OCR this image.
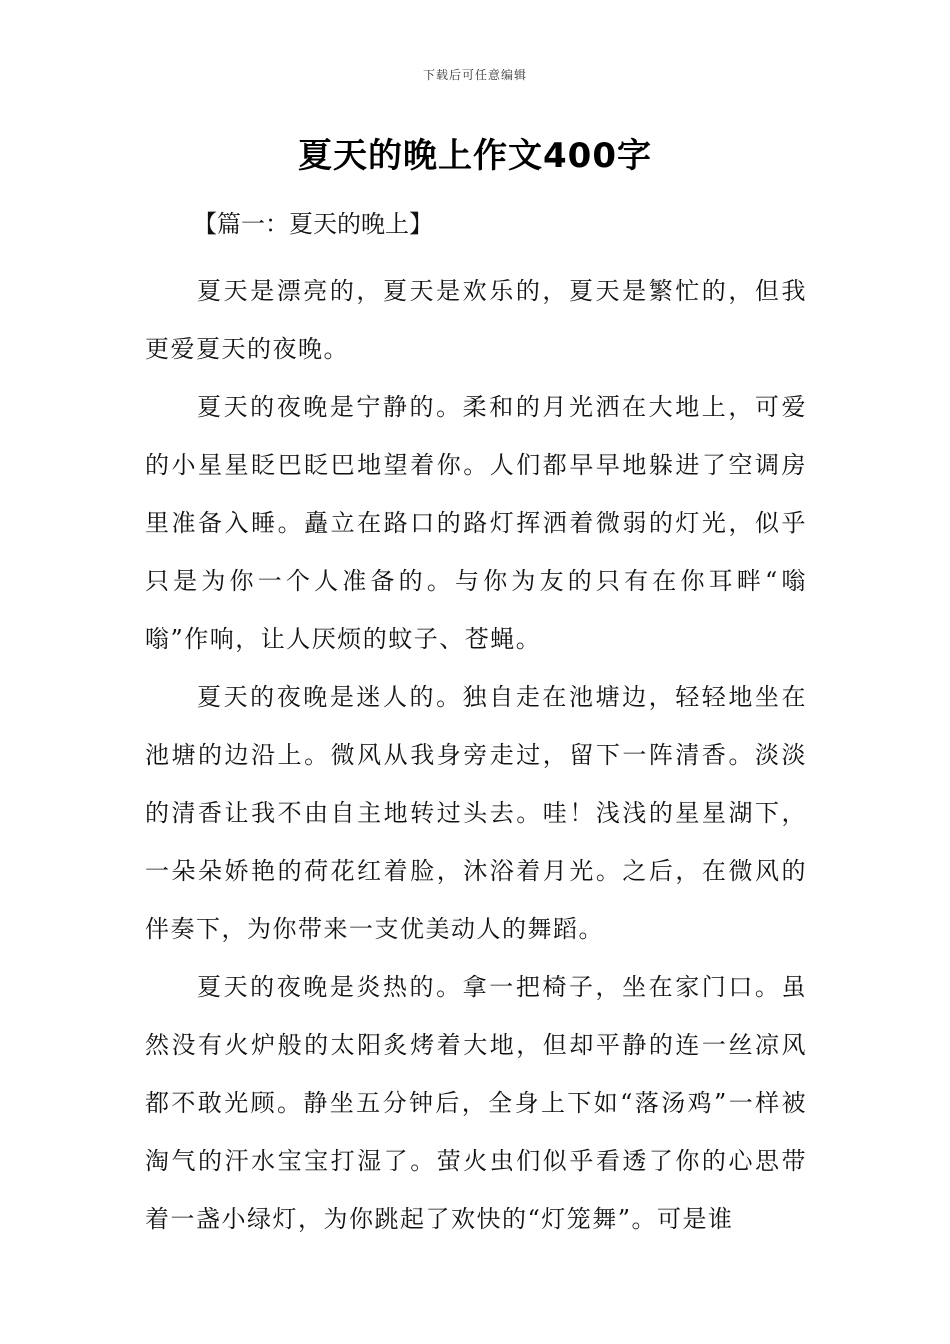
下载后可任意编辑
夏天的晚上作文400字
【篇一：夏天的晚上】

夏天是漂亮的，夏天是欢乐的，夏天是繁忙的，但我更爱夏天的夜晚。

夏天的夜晚是宁静的。柔和的月光洒在大地上，可爱的小星星眨巴眨巴地望着你。人们都早早地躲进了空调房里准备入睡。矗立在路口的路灯挥洒着微弱的灯光，似乎只是为你一个人准备的。与你为友的只有在你耳畔“嗡嗡”作响，让人厌烦的蚊子、苍蝇。

夏天的夜晚是迷人的。独自走在池塘边，轻轻地坐在池塘的边沿上。微风从我身旁走过，留下一阵清香。淡淡的清香让我不由自主地转过头去。哇！浅浅的星星湖下，一朵朵娇艳的荷花红着脸，沐浴着月光。之后，在微风的伴奏下，为你带来一支优美动人的舞蹈。

夏天的夜晚是炎热的。拿一把椅子，坐在家门口。虽然没有火炉般的太阳炙烤着大地，但却平静的连一丝凉风都不敢光顾。静坐五分钟后，全身上下如“落汤鸡”一样被淘气的汗水宝宝打湿了。萤火虫们似乎看透了你的心思带着一盏小绿灯，为你跳起了欢快的“灯笼舞”。可是谁
